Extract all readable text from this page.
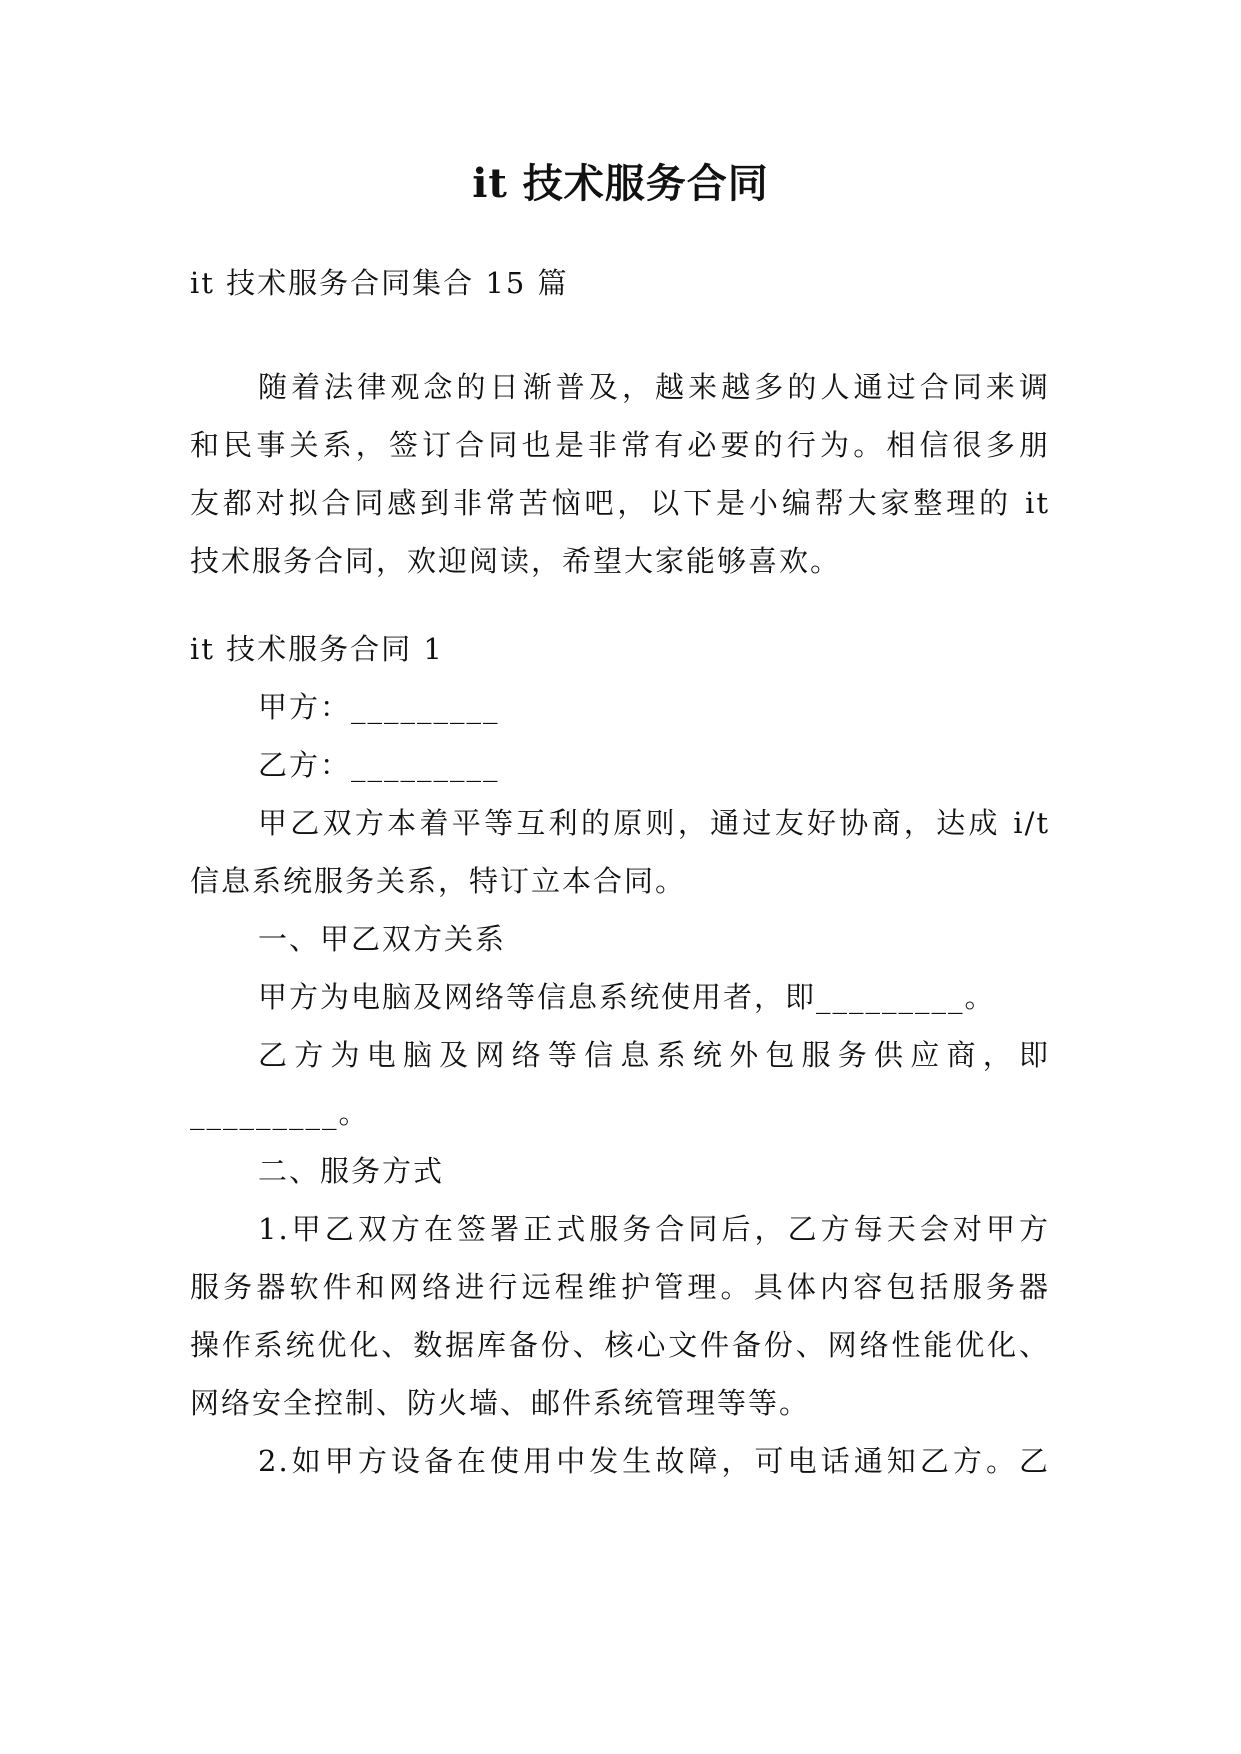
it 技术服务合同
it 技术服务合同集合 15 篇
随着法律观念的日渐普及，越来越多的人通过合同来调
和民事关系，签订合同也是非常有必要的行为。相信很多朋
友都对拟合同感到非常苦恼吧，以下是小编帮大家整理的 it
技术服务合同，欢迎阅读，希望大家能够喜欢。
it 技术服务合同 1
甲方：_________
乙方：_________
甲乙双方本着平等互利的原则，通过友好协商，达成 i/t
信息系统服务关系，特订立本合同。
一、甲乙双方关系
甲方为电脑及网络等信息系统使用者，即_________。
乙方为电脑及网络等信息系统外包服务供应商，即
_________。
二、服务方式
1.甲乙双方在签署正式服务合同后，乙方每天会对甲方
服务器软件和网络进行远程维护管理。具体内容包括服务器
操作系统优化、数据库备份、核心文件备份、网络性能优化、
网络安全控制、防火墙、邮件系统管理等等。
2.如甲方设备在使用中发生故障，可电话通知乙方。乙
